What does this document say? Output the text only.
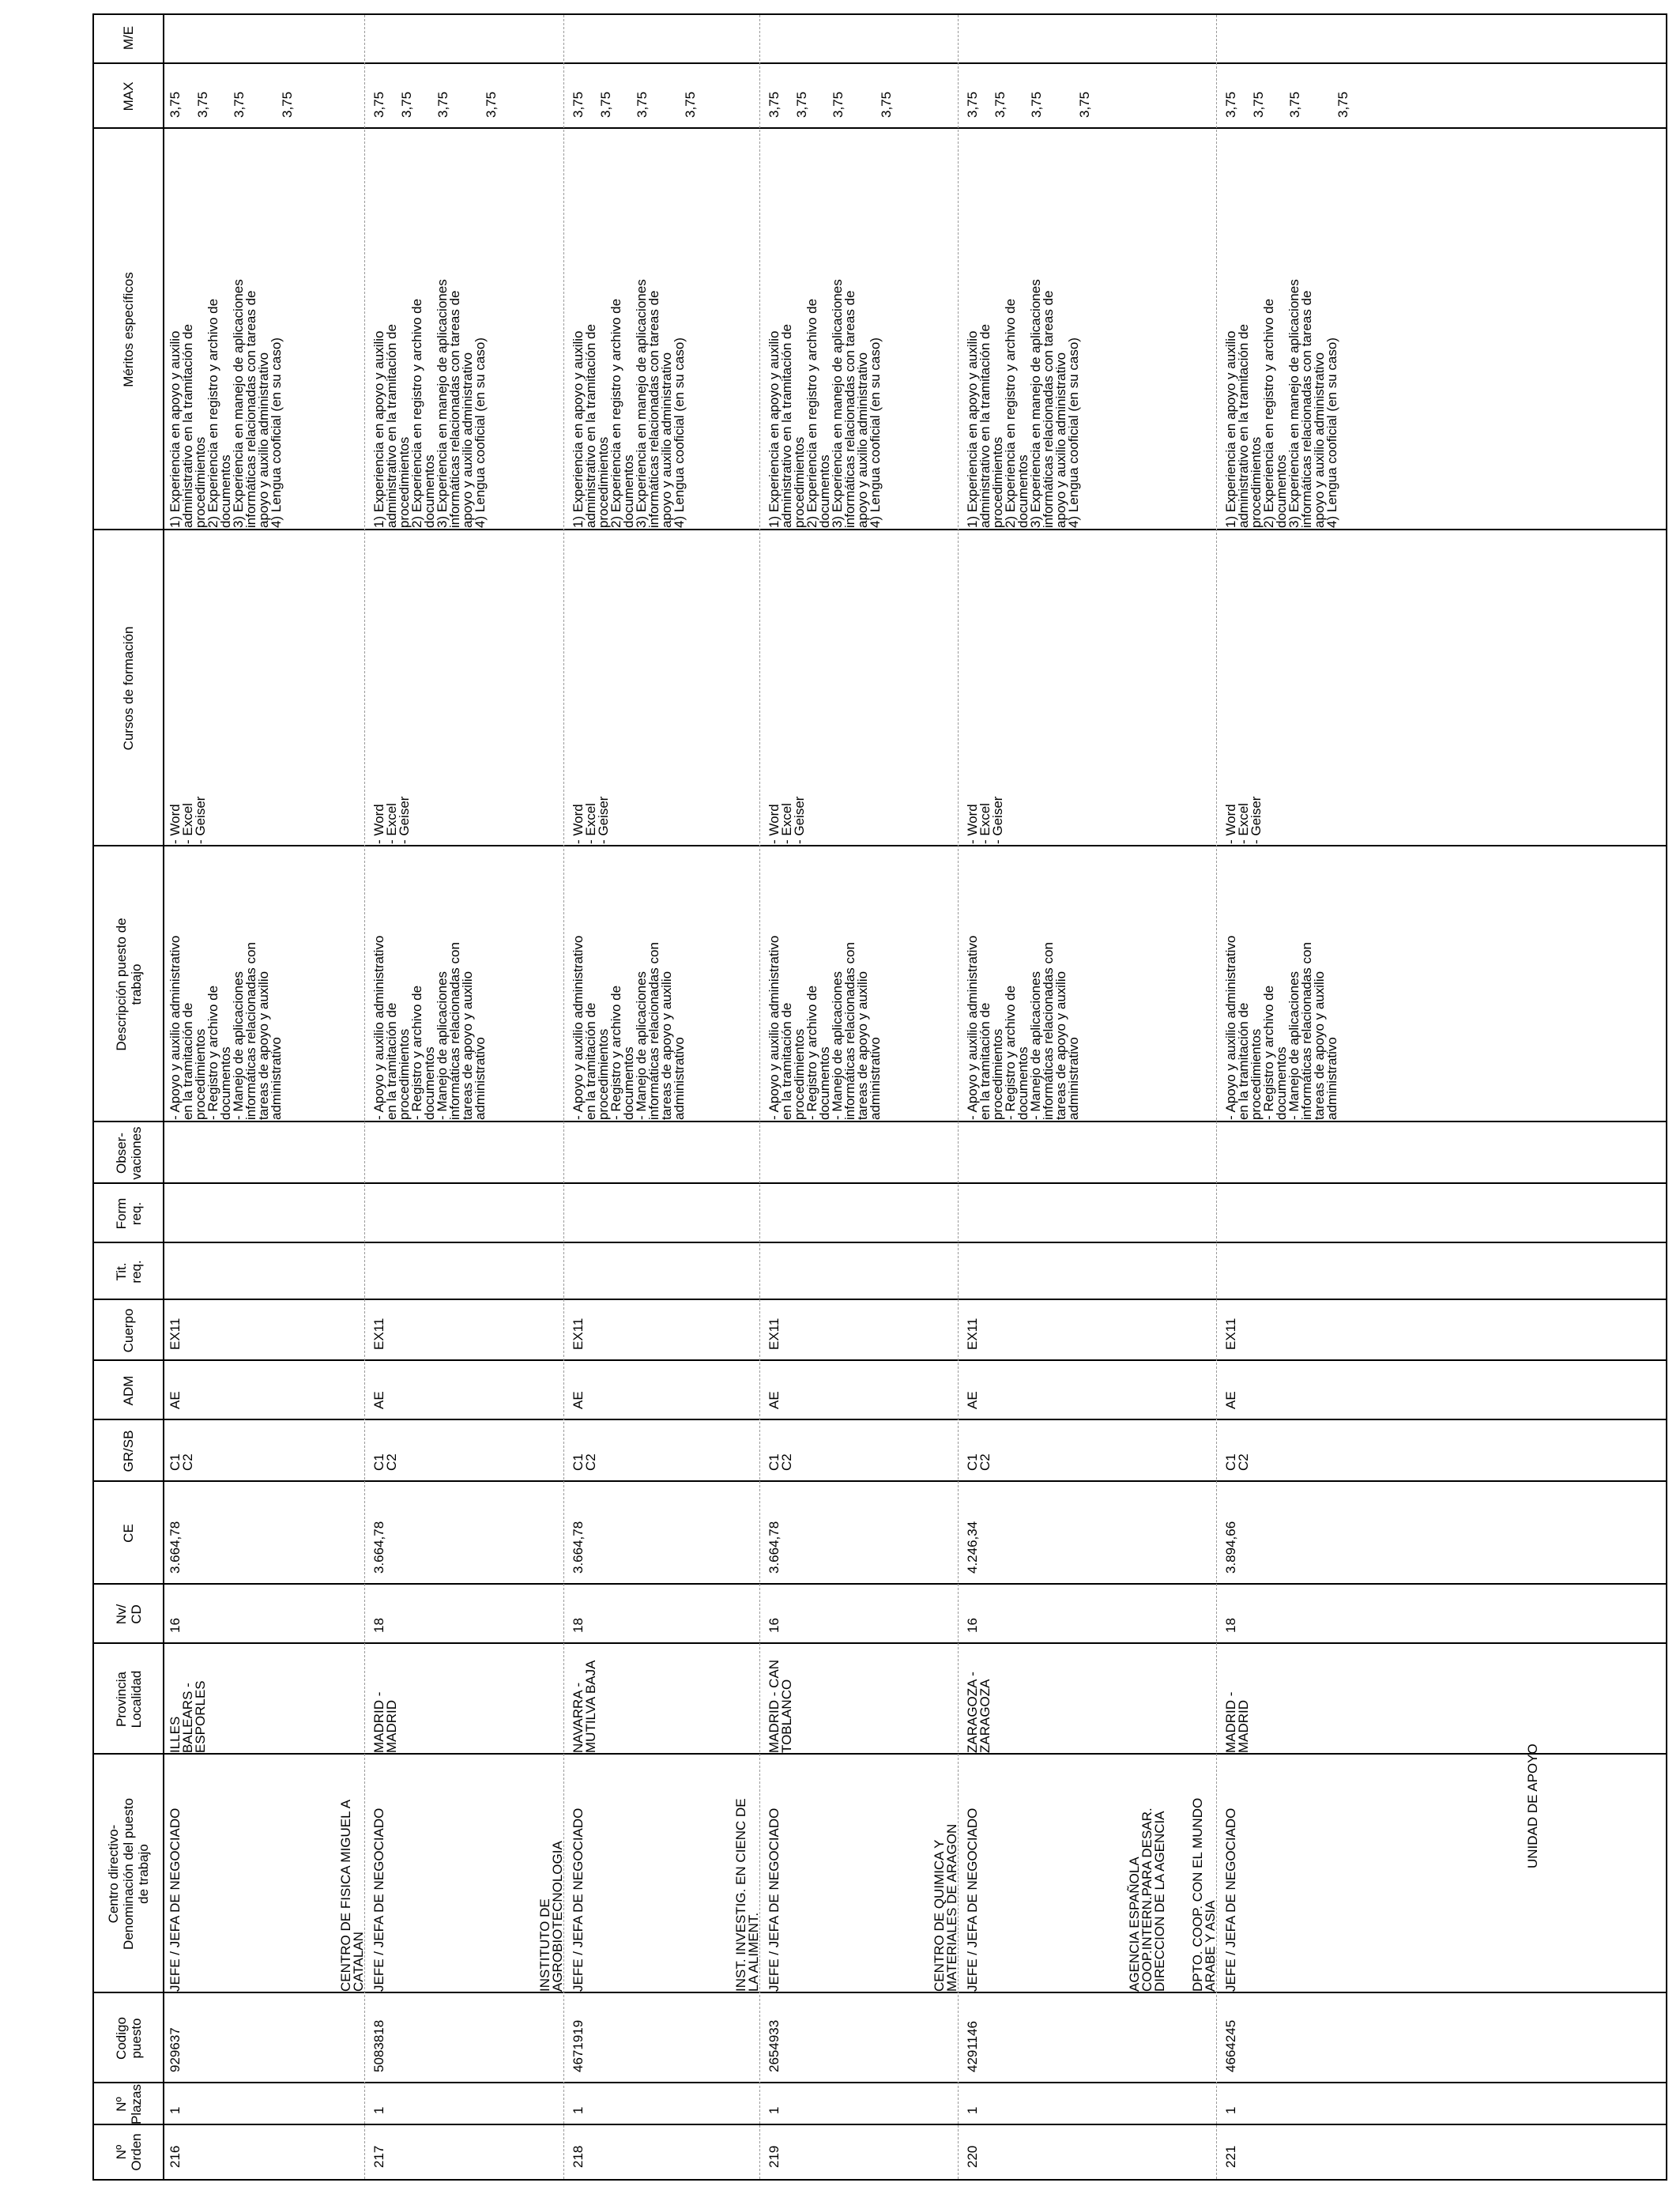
Nº
Orden
Nº
Plazas
Codigo
puesto
Centro directivo-
Denominación del puesto
de trabajo
Provincia
Localidad
Nv/
CD
CE
GR/SB
ADM
Cuerpo
Tit.
req.
Form
req.
Obser-
vaciones
Descripción puesto de
trabajo
Cursos de formación
Méritos específicos
MAX
M/E
216
1
929637
JEFE / JEFA DE NEGOCIADO
ILLES
BALEARS -
ESPORLES
16
3.664,78
C1
C2
AE
EX11
- Apoyo y auxilio administrativo
en la tramitación de
procedimientos
- Registro y archivo de
documentos
- Manejo de aplicaciones
informáticas relacionadas con
tareas de apoyo y auxilio
administrativo
- Word
- Excel
- Geiser
1) Experiencia en apoyo y auxilio
administrativo en la tramitación de
procedimientos
2) Experiencia en registro y archivo de
documentos
3) Experiencia en manejo de aplicaciones
informáticas relacionadas con tareas de
apoyo y auxilio administrativo
4) Lengua cooficial (en su caso)
3,75 3,75 3,75 3,75
217
1
5083818
CENTRO DE FISICA MIGUEL A
CATALAN JEFE / JEFA DE NEGOCIADO
MADRID -
MADRID
18
3.664,78
C1
C2
AE
EX11
- Apoyo y auxilio administrativo
en la tramitación de
procedimientos
- Registro y archivo de
documentos
- Manejo de aplicaciones
informáticas relacionadas con
tareas de apoyo y auxilio
administrativo
- Word
- Excel
- Geiser
1) Experiencia en apoyo y auxilio
administrativo en la tramitación de
procedimientos
2) Experiencia en registro y archivo de
documentos
3) Experiencia en manejo de aplicaciones
informáticas relacionadas con tareas de
apoyo y auxilio administrativo
4) Lengua cooficial (en su caso)
3,75 3,75 3,75 3,75
218
1
4671919
INSTITUTO DE
AGROBIOTECNOLOGIA JEFE / JEFA DE NEGOCIADO
NAVARRA -
MUTILVA BAJA
18
3.664,78
C1
C2
AE
EX11
- Apoyo y auxilio administrativo
en la tramitación de
procedimientos
- Registro y archivo de
documentos
- Manejo de aplicaciones
informáticas relacionadas con
tareas de apoyo y auxilio
administrativo
- Word
- Excel
- Geiser
1) Experiencia en apoyo y auxilio
administrativo en la tramitación de
procedimientos
2) Experiencia en registro y archivo de
documentos
3) Experiencia en manejo de aplicaciones
informáticas relacionadas con tareas de
apoyo y auxilio administrativo
4) Lengua cooficial (en su caso)
3,75 3,75 3,75 3,75
219
1
2654933
INST. INVESTIG. EN CIENC DE
LA ALIMENT. JEFE / JEFA DE NEGOCIADO
MADRID - CAN
TOBLANCO
16
3.664,78
C1
C2
AE
EX11
- Apoyo y auxilio administrativo
en la tramitación de
procedimientos
- Registro y archivo de
documentos
- Manejo de aplicaciones
informáticas relacionadas con
tareas de apoyo y auxilio
administrativo
- Word
- Excel
- Geiser
1) Experiencia en apoyo y auxilio
administrativo en la tramitación de
procedimientos
2) Experiencia en registro y archivo de
documentos
3) Experiencia en manejo de aplicaciones
informáticas relacionadas con tareas de
apoyo y auxilio administrativo
4) Lengua cooficial (en su caso)
3,75 3,75 3,75 3,75
220
1
4291146
CENTRO DE QUIMICA Y
MATERIALES DE ARAGON JEFE / JEFA DE NEGOCIADO
ZARAGOZA -
ZARAGOZA
16
4.246,34
C1
C2
AE
EX11
- Apoyo y auxilio administrativo
en la tramitación de
procedimientos
- Registro y archivo de
documentos
- Manejo de aplicaciones
informáticas relacionadas con
tareas de apoyo y auxilio
administrativo
- Word
- Excel
- Geiser
1) Experiencia en apoyo y auxilio
administrativo en la tramitación de
procedimientos
2) Experiencia en registro y archivo de
documentos
3) Experiencia en manejo de aplicaciones
informáticas relacionadas con tareas de
apoyo y auxilio administrativo
4) Lengua cooficial (en su caso)
3,75 3,75 3,75 3,75
221
1
4664245
AGENCIA ESPAÑOLA
COOP.INTERN.PARA DESAR.
DIRECCION DE LA AGENCIA

DPTO. COOP. CON EL MUNDO
ARABE Y ASIA JEFE / JEFA DE NEGOCIADO
UNIDAD DE APOYO
MADRID -
MADRID
18
3.894,66
C1
C2
AE
EX11
- Apoyo y auxilio administrativo
en la tramitación de
procedimientos
- Registro y archivo de
documentos
- Manejo de aplicaciones
informáticas relacionadas con
tareas de apoyo y auxilio
administrativo
- Word
- Excel
- Geiser
1) Experiencia en apoyo y auxilio
administrativo en la tramitación de
procedimientos
2) Experiencia en registro y archivo de
documentos
3) Experiencia en manejo de aplicaciones
informáticas relacionadas con tareas de
apoyo y auxilio administrativo
4) Lengua cooficial (en su caso)
3,75 3,75 3,75 3,75
